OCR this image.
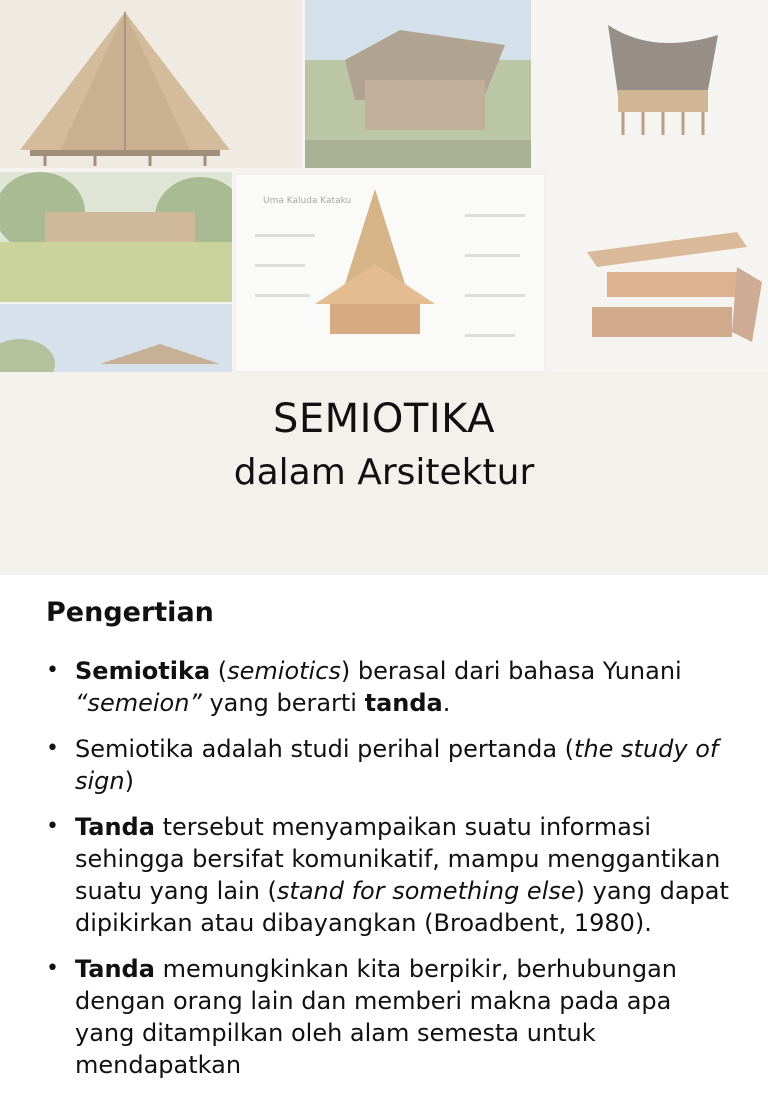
Uma Kaluda Kataku
SEMIOTIKA
dalam Arsitektur
Pengertian
• Semiotika (semiotics) berasal dari bahasa Yunani “semeion” yang berarti tanda.
• Semiotika adalah studi perihal pertanda (the study of sign)
• Tanda tersebut menyampaikan suatu informasi sehingga bersifat komunikatif, mampu menggantikan suatu yang lain (stand for something else) yang dapat dipikirkan atau dibayangkan (Broadbent, 1980).
• Tanda memungkinkan kita berpikir, berhubungan dengan orang lain dan memberi makna pada apa yang ditampilkan oleh alam semesta untuk mendapatkan
